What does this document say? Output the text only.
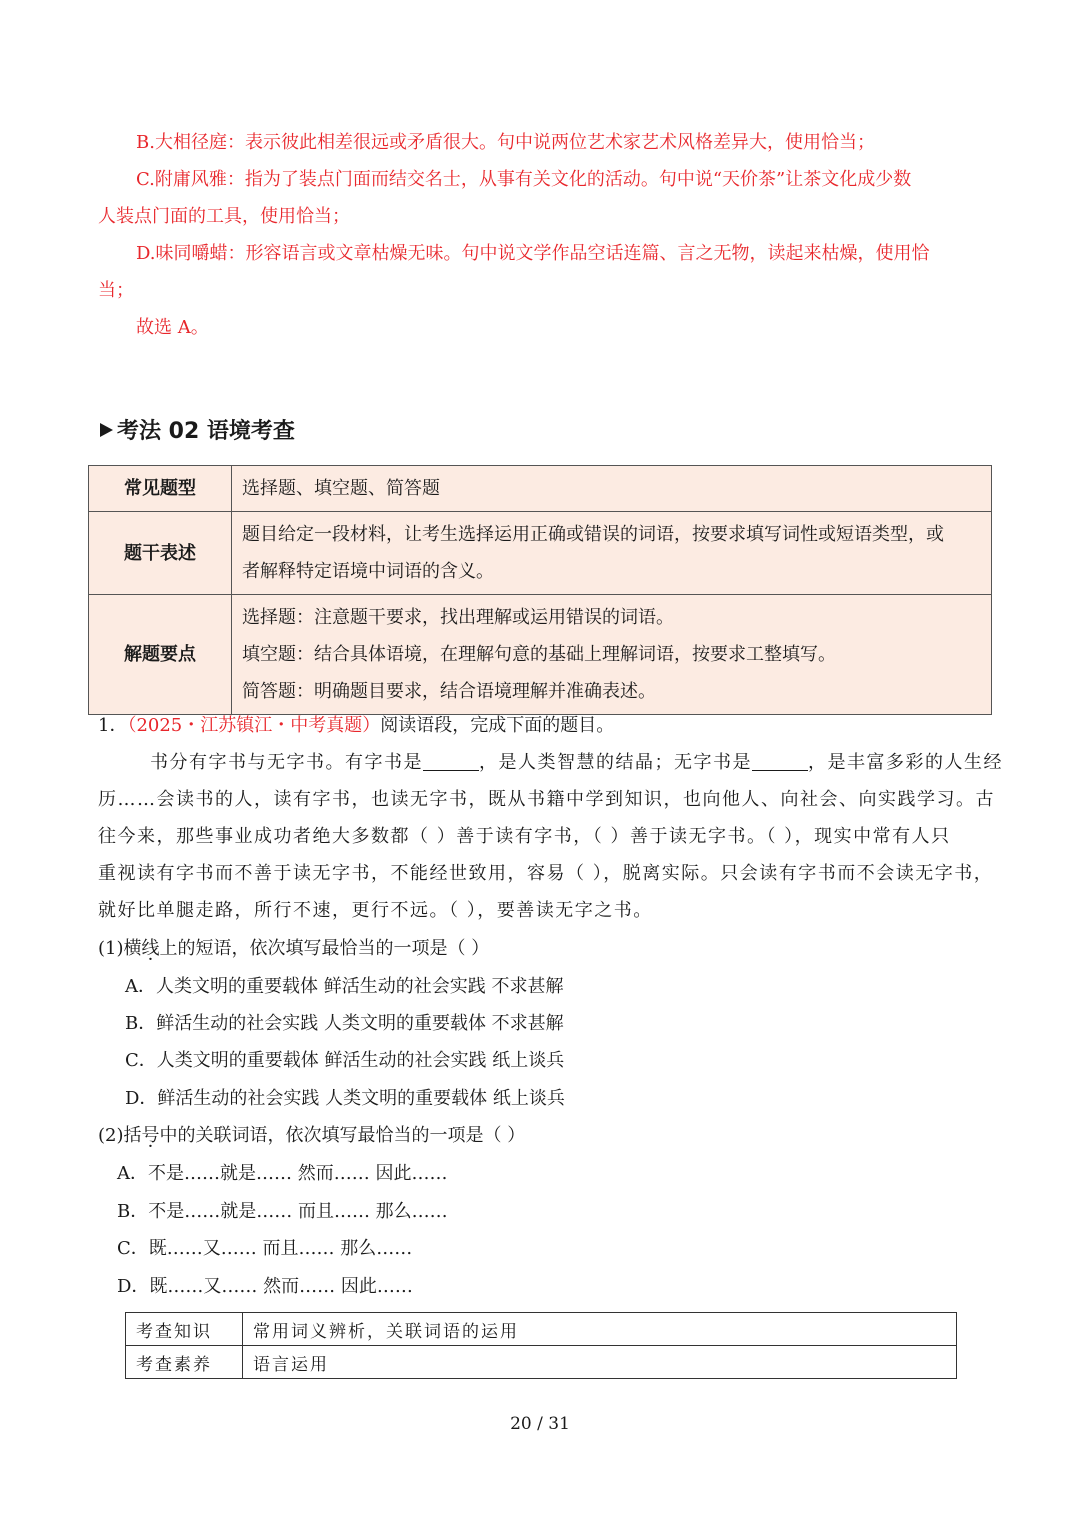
B.大相径庭：表示彼此相差很远或矛盾很大。句中说两位艺术家艺术风格差异大，使用恰当；
C.附庸风雅：指为了装点门面而结交名士，从事有关文化的活动。句中说“天价茶”让茶文化成少数
人装点门面的工具，使用恰当；
D.味同嚼蜡：形容语言或文章枯燥无味。句中说文学作品空话连篇、言之无物，读起来枯燥，使用恰
当；
故选 A。
考法 02 语境考查
常见题型	选择题、填空题、简答题

题干表述	题目给定一段材料，让考生选择运用正确或错误的词语，按要求填写词性或短语类型，或
者解释特定语境中词语的含义。

解题要点	选择题：注意题干要求，找出理解或运用错误的词语。
填空题：结合具体语境，在理解句意的基础上理解词语，按要求工整填写。
简答题：明确题目要求，结合语境理解并准确表述。
1．（2025・江苏镇江・中考真题）阅读语段，完成下面的题目。
书分有字书与无字书。有字书是	，是人类智慧的结晶；无字书是	，是丰富多彩的人生经
历……会读书的人，读有字书，也读无字书，既从书籍中学到知识，也向他人、向社会、向实践学习。古
往今来，那些事业成功者绝大多数都（ ）善于读有字书，（ ）善于读无字书。（ ），现实中常有人只
重视读有字书而不善于读无字书，不能经世致用，容易（ ），脱离实际。只会读有字书而不会读无字书，
就好比单腿走路，所行不速，更行不远。（ ），要善读无字之书。
(1)横线上的短语，依次填写最恰当的一项是（ ）
A．人类文明的重要载体 鲜活生动的社会实践 不求甚解
B．鲜活生动的社会实践 人类文明的重要载体 不求甚解
C．人类文明的重要载体 鲜活生动的社会实践 纸上谈兵
D．鲜活生动的社会实践 人类文明的重要载体 纸上谈兵
(2)括号中的关联词语，依次填写最恰当的一项是（ ）
A．不是……就是…… 然而…… 因此……
B．不是……就是…… 而且…… 那么……
C．既……又…… 而且…… 那么……
D．既……又…… 然而…… 因此……
考查知识	常用词义辨析，关联词语的运用
考查素养	语言运用
20 / 31
